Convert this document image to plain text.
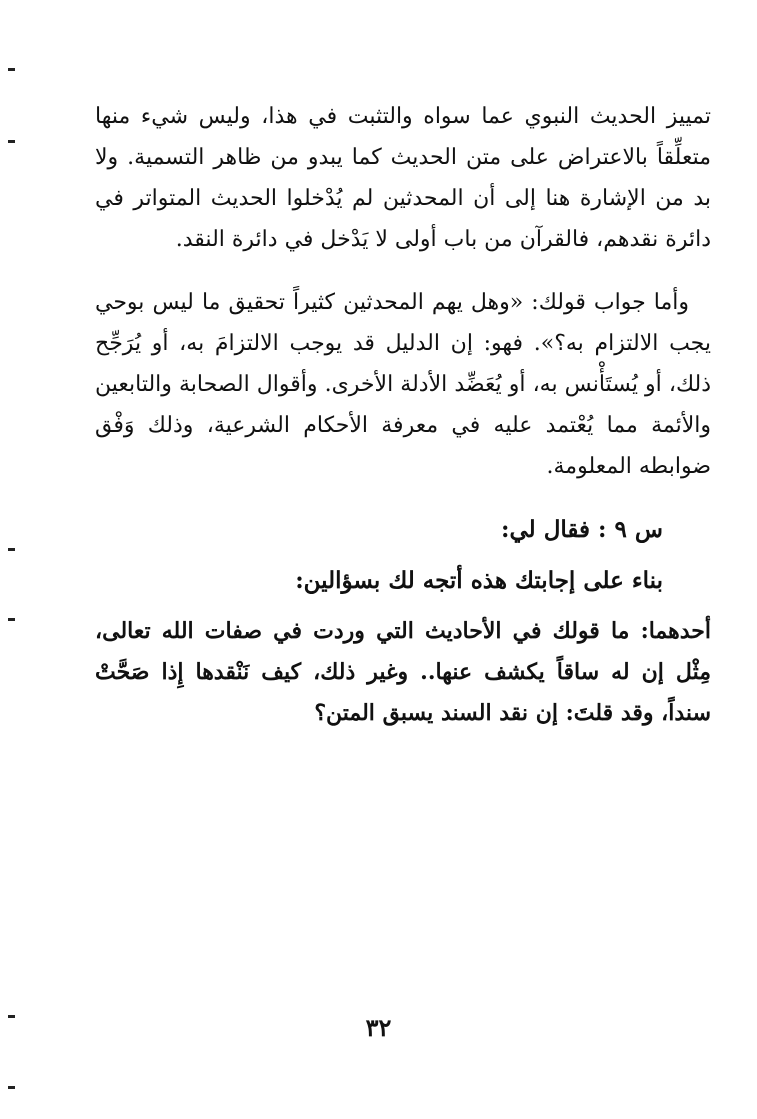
تمييز الحديث النبوي عما سواه والتثبت في هذا، وليس شيء منها متعلِّقاً بالاعتراض على متن الحديث كما يبدو من ظاهر التسمية. ولا بد من الإشارة هنا إلى أن المحدثين لم يُدْخلوا الحديث المتواتر في دائرة نقدهم، فالقرآن من باب أولى لا يَدْخل في دائرة النقد.

وأما جواب قولك: «وهل يهم المحدثين كثيراً تحقيق ما ليس بوحي يجب الالتزام به؟». فهو: إن الدليل قد يوجب الالتزامَ به، أو يُرَجِّح ذلك، أو يُستَأْنس به، أو يُعَضِّد الأدلة الأخرى. وأقوال الصحابة والتابعين والأئمة مما يُعْتمد عليه في معرفة الأحكام الشرعية، وذلك وَفْق ضوابطه المعلومة.

س ٩ : فقال لي:

بناء على إجابتك هذه أتجه لك بسؤالين:

أحدهما: ما قولك في الأحاديث التي وردت في صفات الله تعالى، مِثْل إن له ساقاً يكشف عنها.. وغير ذلك، كيف نَنْقدها إِذا صَحَّتْ سنداً، وقد قلتَ: إن نقد السند يسبق المتن؟

٣٢
